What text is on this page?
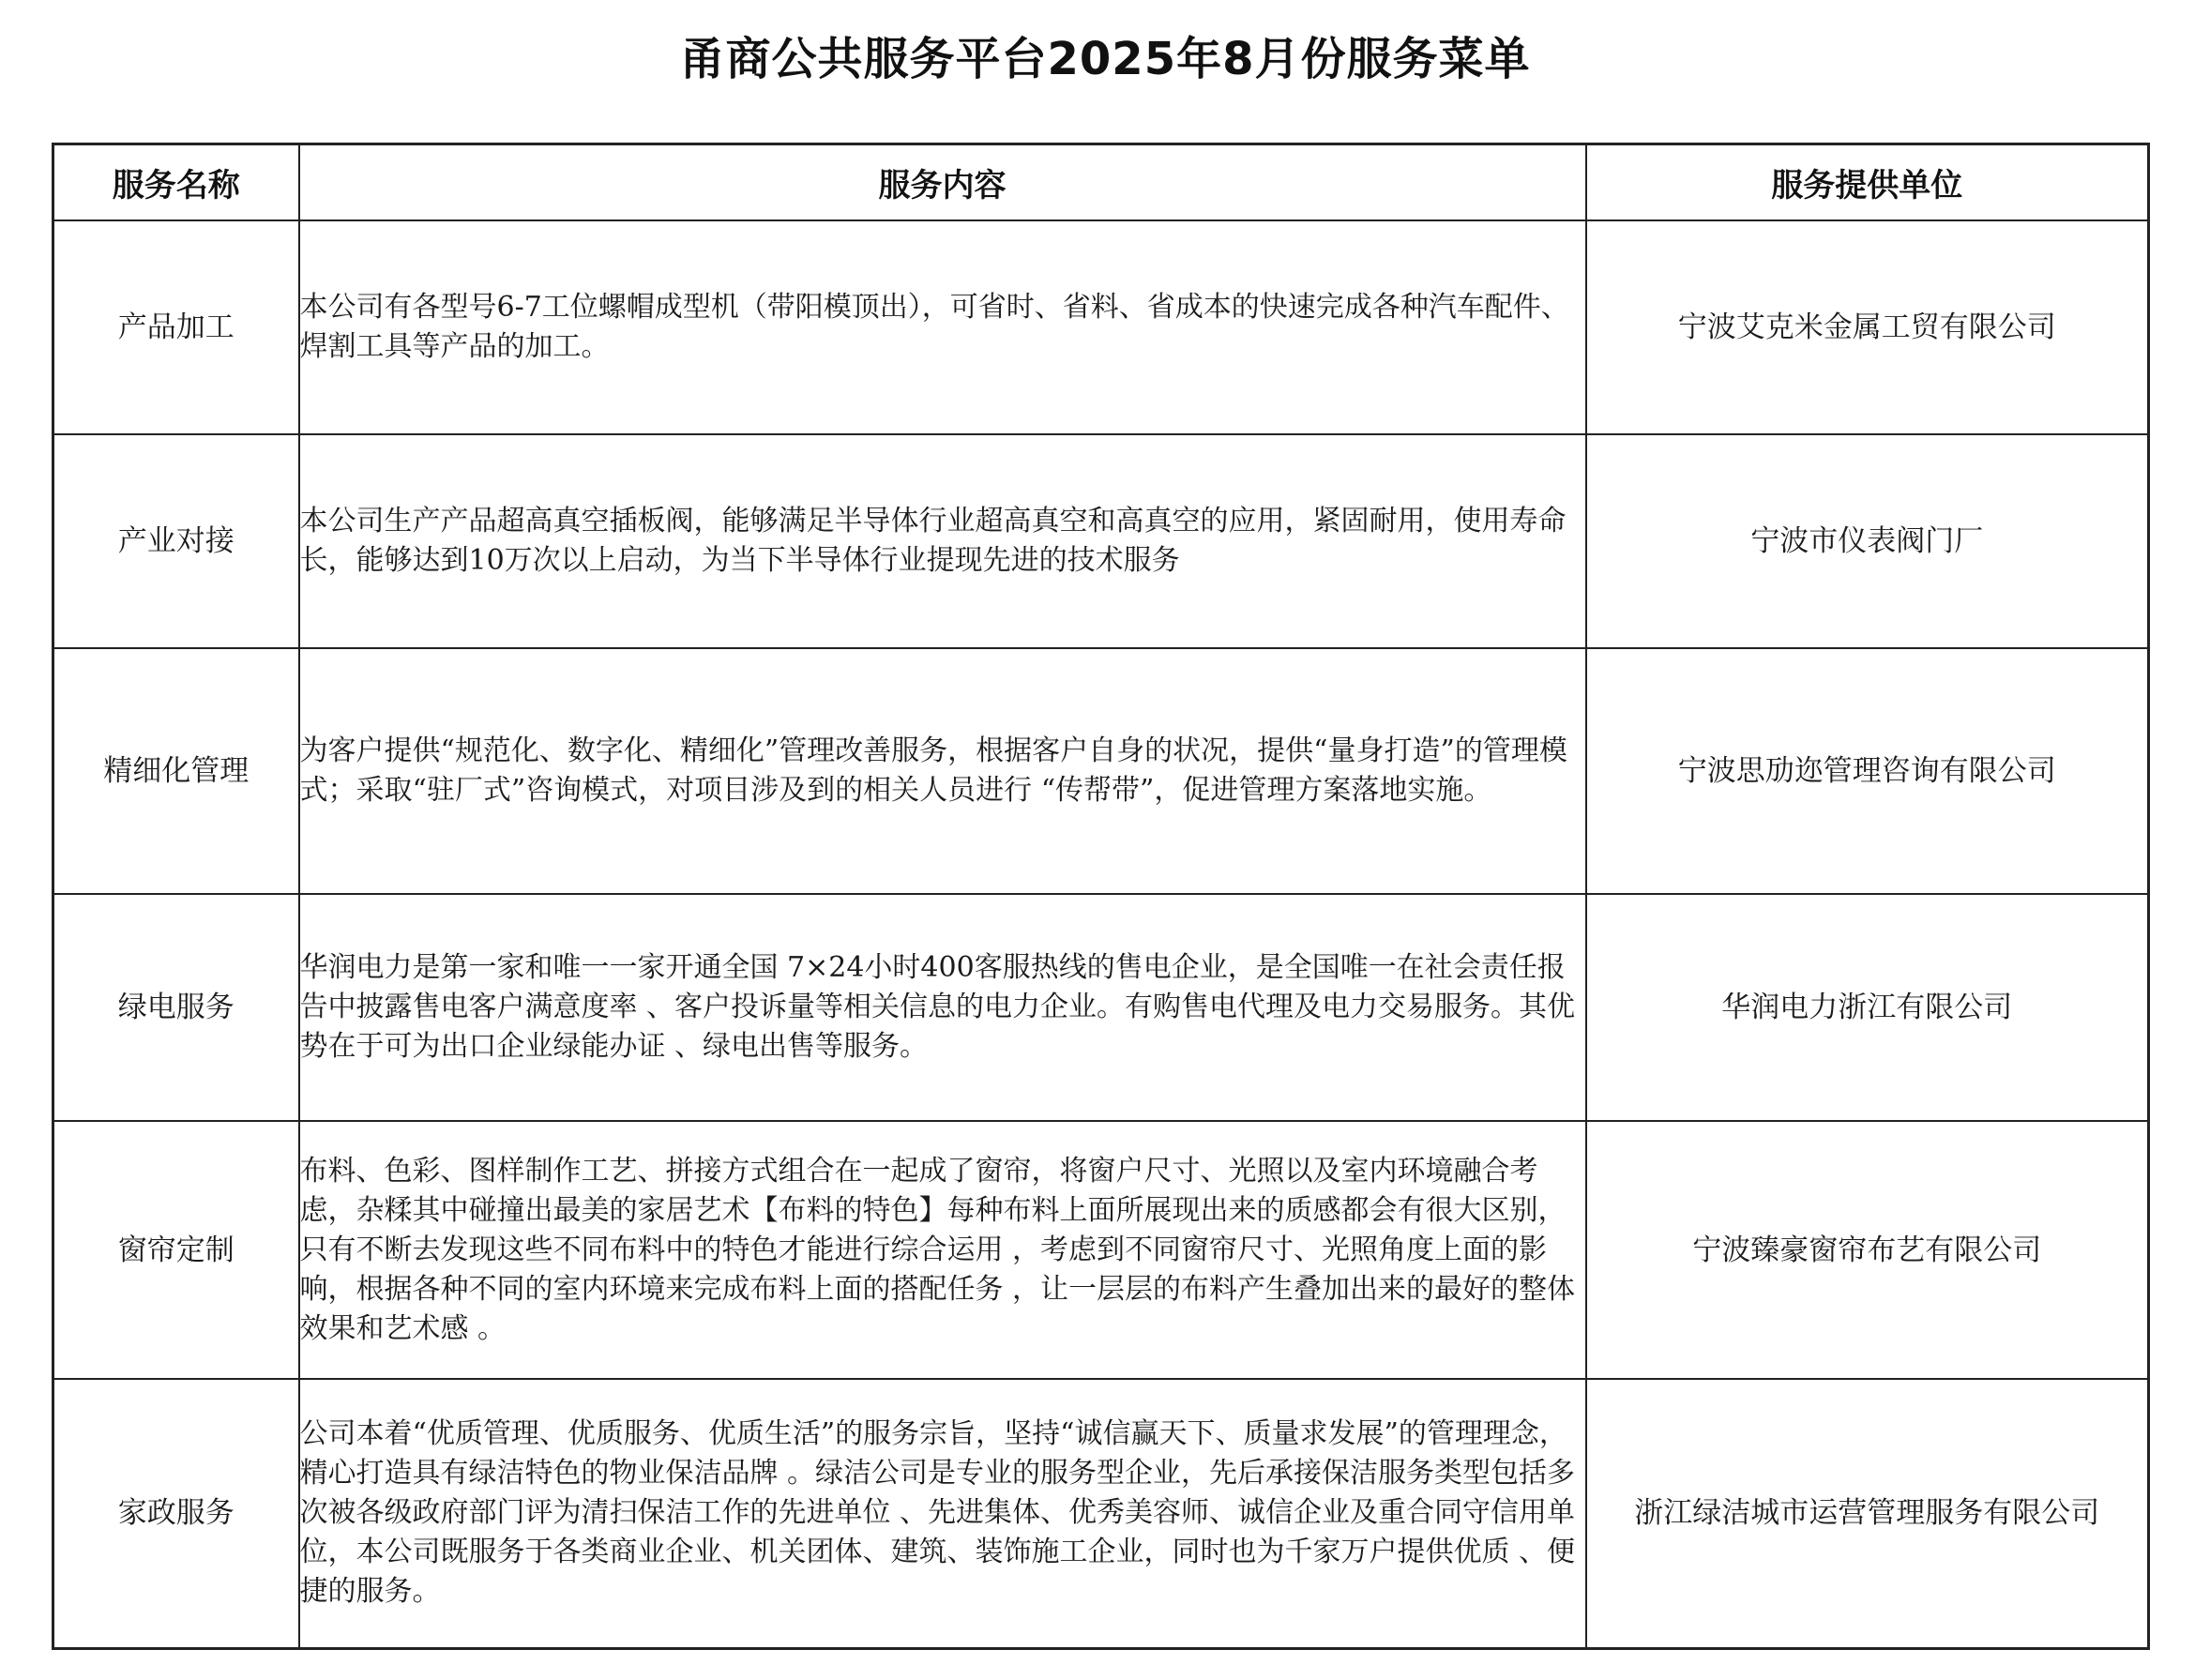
甬商公共服务平台2025年8月份服务菜单
服务名称	服务内容	服务提供单位
产品加工	本公司有各型号6-7工位螺帽成型机（带阳模顶出），可省时、省料、省成本的快速完成各种汽车配件、焊割工具等产品的加工。	宁波艾克米金属工贸有限公司
产业对接	本公司生产产品超高真空插板阀，能够满足半导体行业超高真空和高真空的应用，紧固耐用，使用寿命长，能够达到10万次以上启动，为当下半导体行业提现先进的技术服务	宁波市仪表阀门厂
精细化管理	为客户提供“规范化、数字化、精细化”管理改善服务，根据客户自身的状况，提供“量身打造”的管理模式；采取“驻厂式”咨询模式，对项目涉及到的相关人员进行 “传帮带”，促进管理方案落地实施。	宁波思劢迩管理咨询有限公司
绿电服务	华润电力是第一家和唯一一家开通全国 7×24小时400客服热线的售电企业，是全国唯一在社会责任报告中披露售电客户满意度率 、客户投诉量等相关信息的电力企业。有购售电代理及电力交易服务。其优势在于可为出口企业绿能办证 、绿电出售等服务。	华润电力浙江有限公司
窗帘定制	布料、色彩、图样制作工艺、拼接方式组合在一起成了窗帘，将窗户尺寸、光照以及室内环境融合考虑，杂糅其中碰撞出最美的家居艺术【布料的特色】每种布料上面所展现出来的质感都会有很大区别，只有不断去发现这些不同布料中的特色才能进行综合运用 ，考虑到不同窗帘尺寸、光照角度上面的影响，根据各种不同的室内环境来完成布料上面的搭配任务 ，让一层层的布料产生叠加出来的最好的整体效果和艺术感 。	宁波臻豪窗帘布艺有限公司
家政服务	公司本着“优质管理、优质服务、优质生活”的服务宗旨，坚持“诚信赢天下、质量求发展”的管理理念，精心打造具有绿洁特色的物业保洁品牌 。绿洁公司是专业的服务型企业，先后承接保洁服务类型包括多次被各级政府部门评为清扫保洁工作的先进单位 、先进集体、优秀美容师、诚信企业及重合同守信用单位，本公司既服务于各类商业企业、机关团体、建筑、装饰施工企业，同时也为千家万户提供优质 、便捷的服务。	浙江绿洁城市运营管理服务有限公司
